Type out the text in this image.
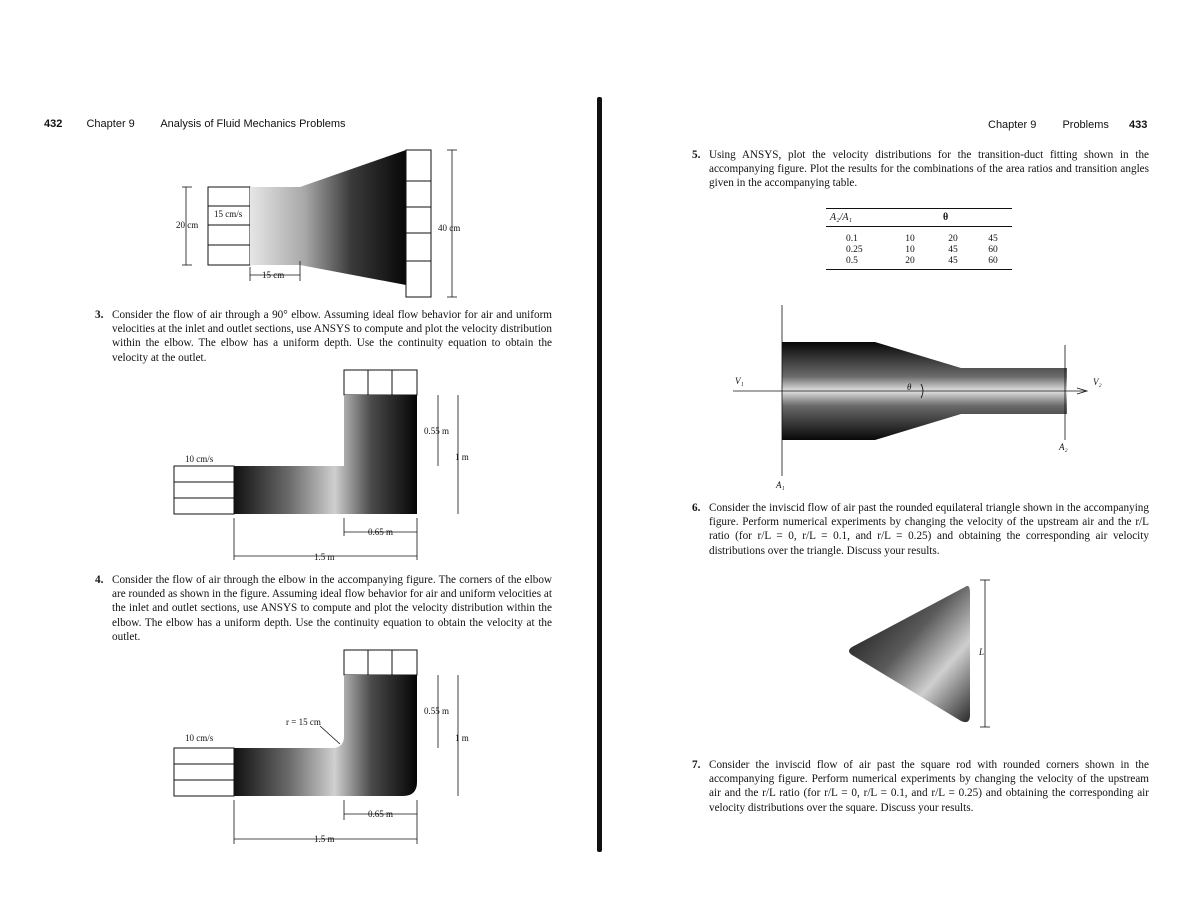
432 Chapter 9 Analysis of Fluid Mechanics Problems
20 cm
15 cm/s
40 cm
15 cm
3. Consider the flow of air through a 90° elbow. Assuming ideal flow behavior for air and uniform velocities at the inlet and outlet sections, use ANSYS to compute and plot the velocity distribution within the elbow. The elbow has a uniform depth. Use the continuity equation to obtain the velocity at the outlet.
10 cm/s
0.55 m
1 m
0.65 m
1.5 m
4. Consider the flow of air through the elbow in the accompanying figure. The corners of the elbow are rounded as shown in the figure. Assuming ideal flow behavior for air and uniform velocities at the inlet and outlet sections, use ANSYS to compute and plot the velocity distribution within the elbow. The elbow has a uniform depth. Use the continuity equation to obtain the velocity at the outlet.
r = 15 cm
10 cm/s
0.55 m
1 m
0.65 m
1.5 m
Chapter 9 Problems 433
5. Using ANSYS, plot the velocity distributions for the transition-duct fitting shown in the accompanying figure. Plot the results for the combinations of the area ratios and transition angles given in the accompanying table.
A₂/A₁	θ
0.1	10	20	45
0.25	10	45	60
0.5	20	45	60
V₁	V₂
θ
A₁
A₂
6. Consider the inviscid flow of air past the rounded equilateral triangle shown in the accompanying figure. Perform numerical experiments by changing the velocity of the upstream air and the r/L ratio (for r/L = 0, r/L = 0.1, and r/L = 0.25) and obtaining the corresponding air velocity distributions over the triangle. Discuss your results.
L
7. Consider the inviscid flow of air past the square rod with rounded corners shown in the accompanying figure. Perform numerical experiments by changing the velocity of the upstream air and the r/L ratio (for r/L = 0, r/L = 0.1, and r/L = 0.25) and obtaining the corresponding air velocity distributions over the square. Discuss your results.
